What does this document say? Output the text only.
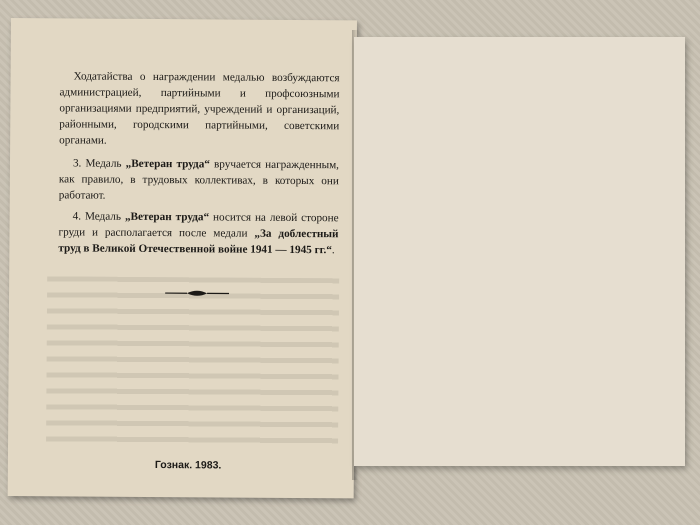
Ходатайства о награждении медалью возбуждаются администрацией, партийными и профсоюзными организациями предприятий, учреждений и организаций, районными, городскими партийными, советскими органами.

3. Медаль „Ветеран труда“ вручается награжденным, как правило, в трудовых коллективах, в которых они работают.

4. Медаль „Ветеран труда“ носится на левой стороне груди и располагается после медали „За доблестный труд в Великой Отечественной войне 1941 — 1945 гг.“.

Гознак. 1983.
